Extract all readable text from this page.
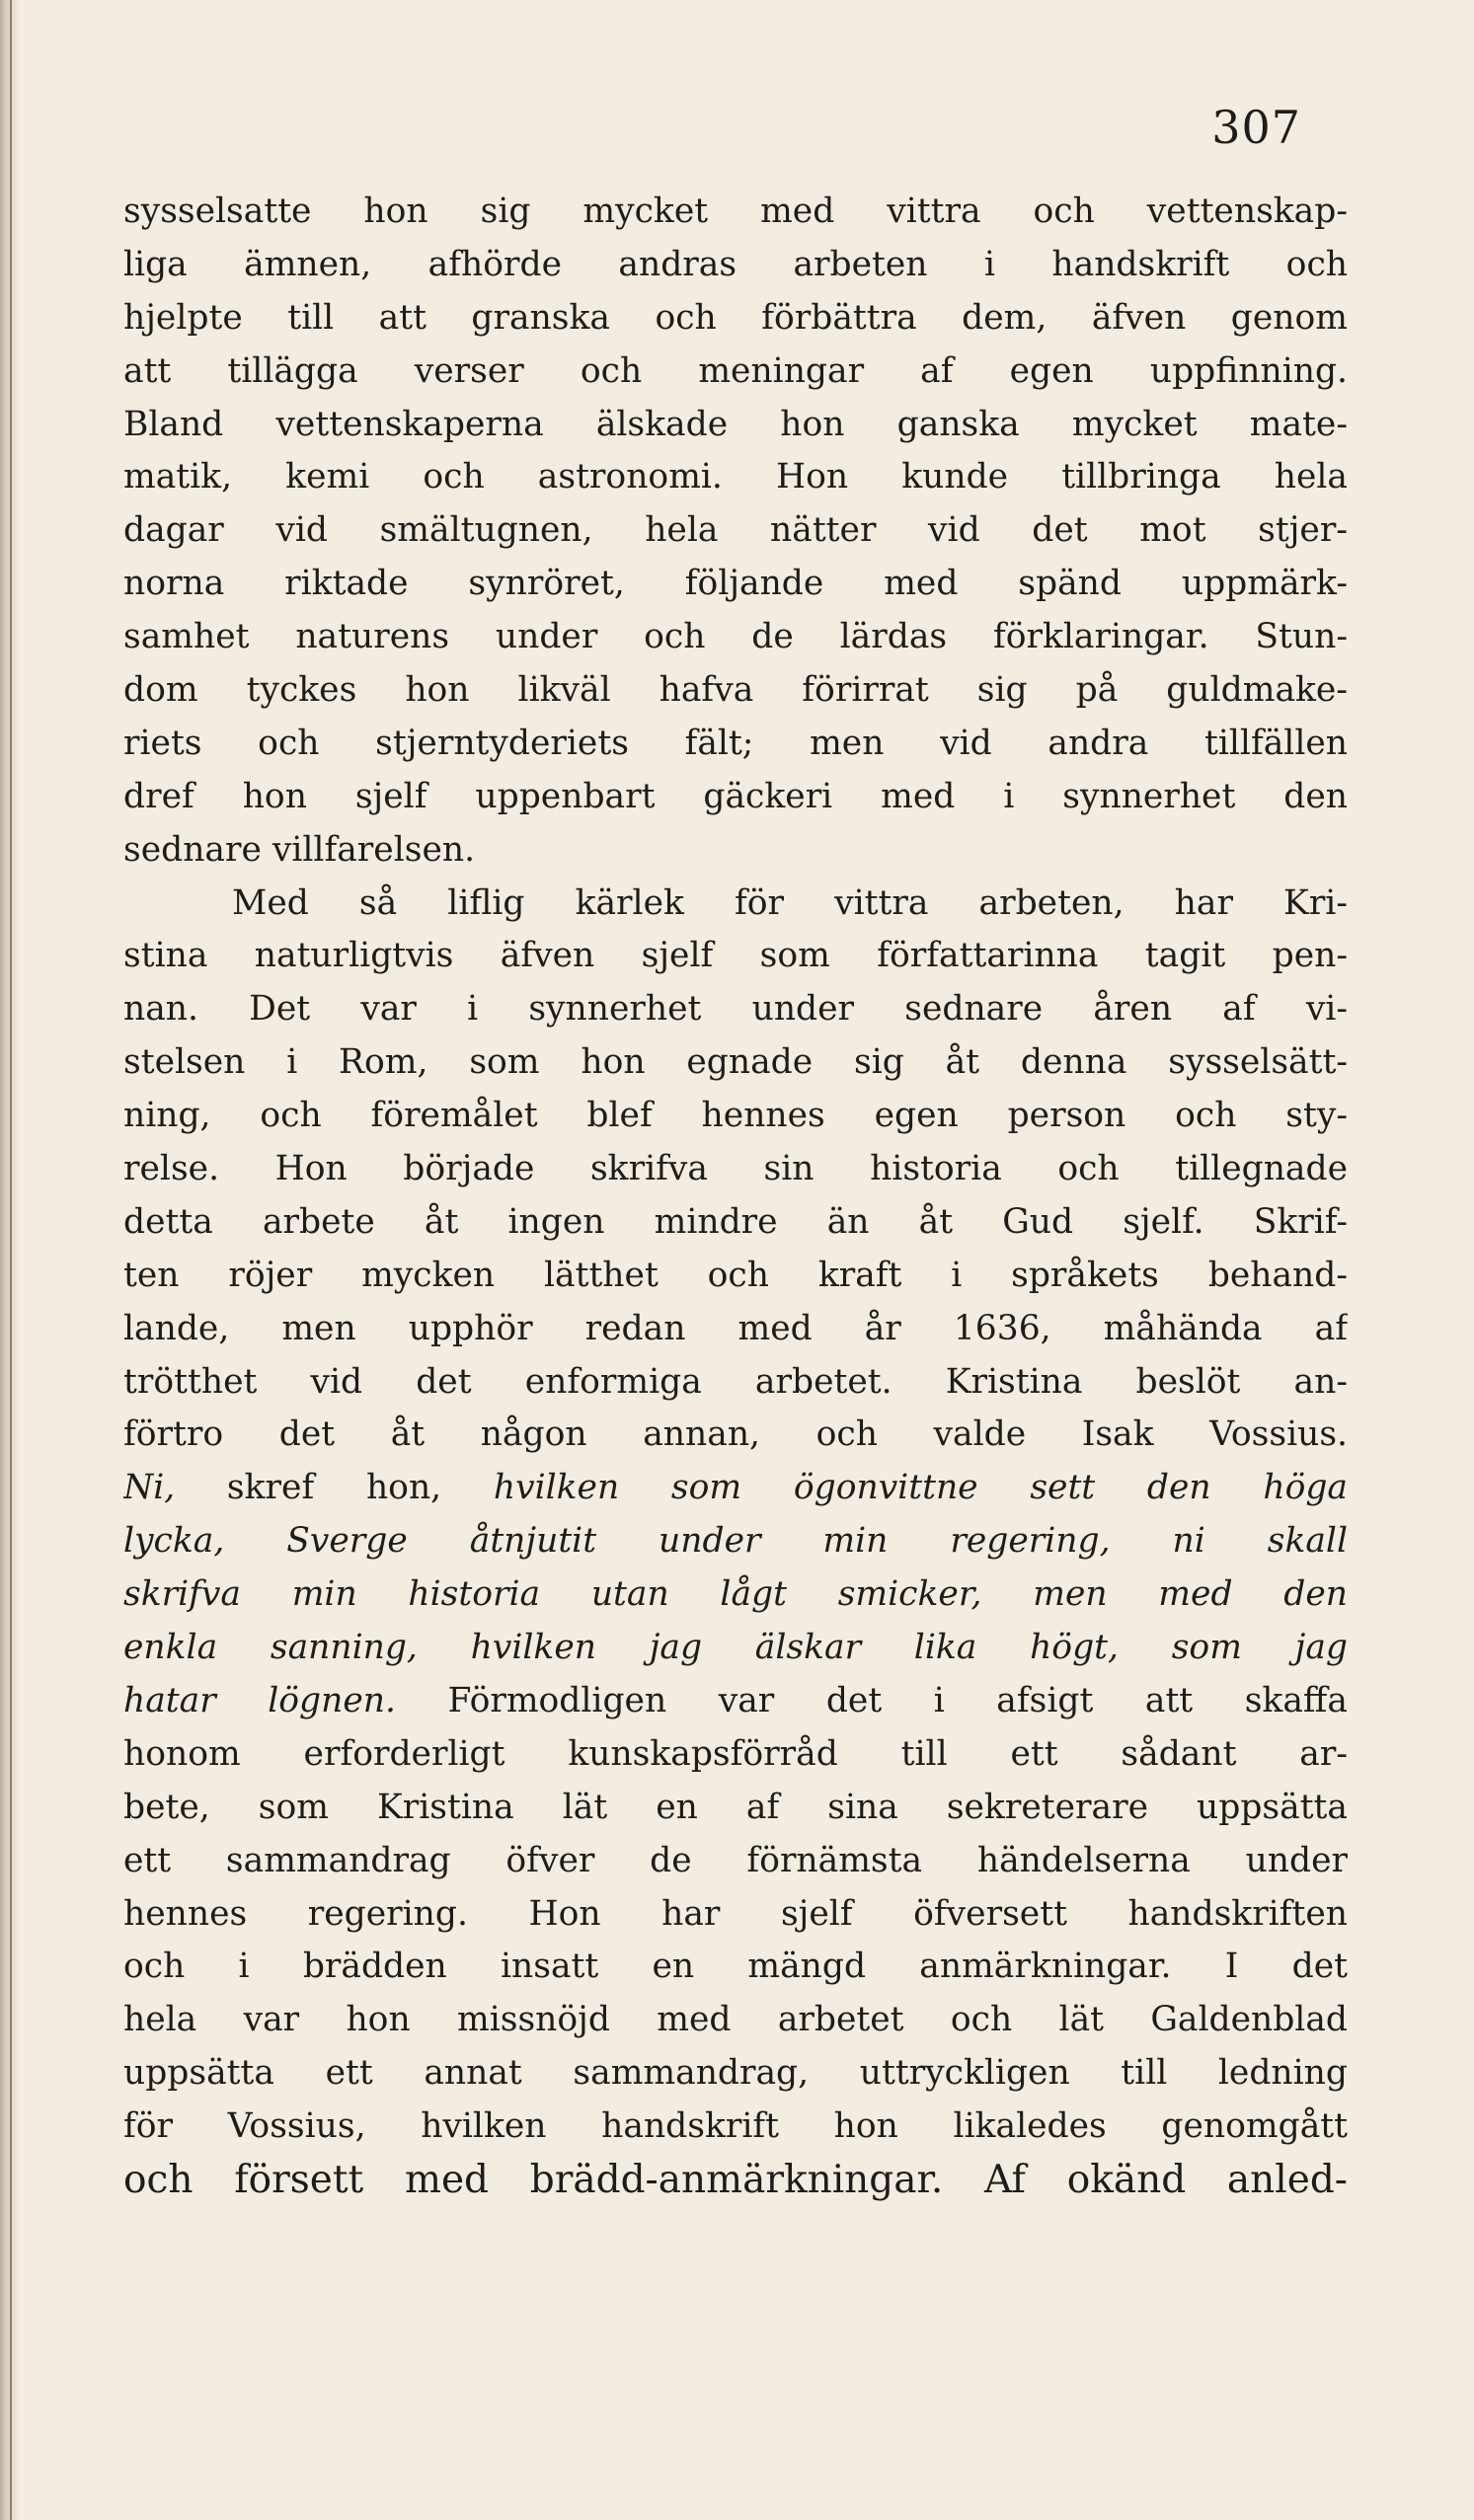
307
sysselsatte hon sig mycket med vittra och vettenskap-
liga ämnen, afhörde andras arbeten i handskrift och
hjelpte till att granska och förbättra dem, äfven genom
att tillägga verser och meningar af egen uppfinning.
Bland vettenskaperna älskade hon ganska mycket mate-
matik, kemi och astronomi. Hon kunde tillbringa hela
dagar vid smältugnen, hela nätter vid det mot stjer-
norna riktade synröret, följande med spänd uppmärk-
samhet naturens under och de lärdas förklaringar. Stun-
dom tyckes hon likväl hafva förirrat sig på guldmake-
riets och stjerntyderiets fält; men vid andra tillfällen
dref hon sjelf uppenbart gäckeri med i synnerhet den
sednare villfarelsen.
Med så liflig kärlek för vittra arbeten, har Kri-
stina naturligtvis äfven sjelf som författarinna tagit pen-
nan. Det var i synnerhet under sednare åren af vi-
stelsen i Rom, som hon egnade sig åt denna sysselsätt-
ning, och föremålet blef hennes egen person och sty-
relse. Hon började skrifva sin historia och tillegnade
detta arbete åt ingen mindre än åt Gud sjelf. Skrif-
ten röjer mycken lätthet och kraft i språkets behand-
lande, men upphör redan med år 1636, måhända af
trötthet vid det enformiga arbetet. Kristina beslöt an-
förtro det åt någon annan, och valde Isak Vossius.
Ni, skref hon, hvilken som ögonvittne sett den höga
lycka, Sverge åtnjutit under min regering, ni skall
skrifva min historia utan lågt smicker, men med den
enkla sanning, hvilken jag älskar lika högt, som jag
hatar lögnen. Förmodligen var det i afsigt att skaffa
honom erforderligt kunskapsförråd till ett sådant ar-
bete, som Kristina lät en af sina sekreterare uppsätta
ett sammandrag öfver de förnämsta händelserna under
hennes regering. Hon har sjelf öfversett handskriften
och i brädden insatt en mängd anmärkningar. I det
hela var hon missnöjd med arbetet och lät Galdenblad
uppsätta ett annat sammandrag, uttryckligen till ledning
för Vossius, hvilken handskrift hon likaledes genomgått
och försett med brädd-anmärkningar. Af okänd anled-
